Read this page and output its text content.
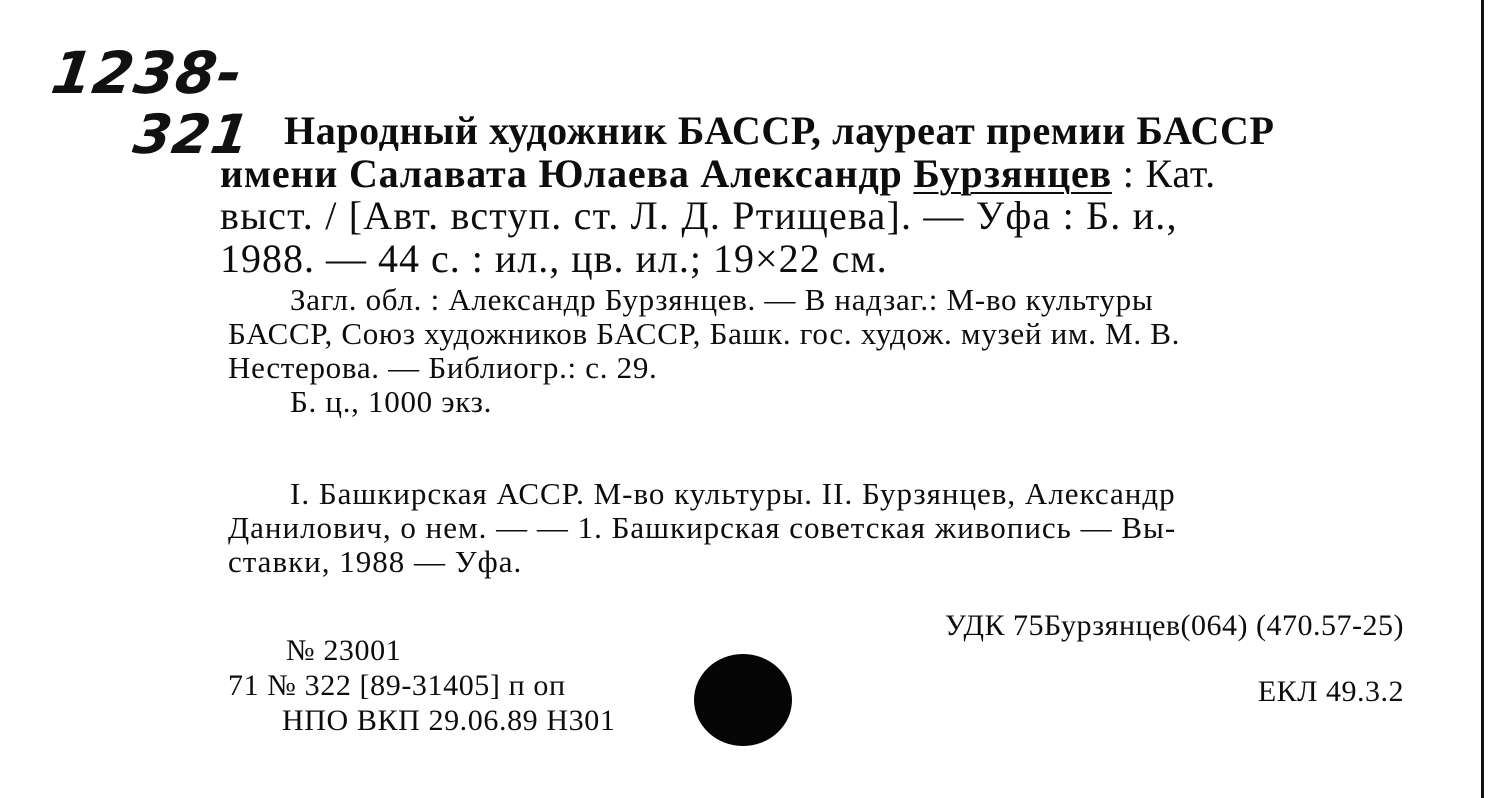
1238-
321 Народный художник БАССР, лауреат премии БАССР
имени Салавата Юлаева Александр Бурзянцев : Кат.
выст. / [Авт. вступ. ст. Л. Д. Ртищева]. — Уфа : Б. и.,
1988. — 44 с. : ил., цв. ил.; 19×22 см.
Загл. обл. : Александр Бурзянцев. — В надзаг.: М-во культуры
БАССР, Союз художников БАССР, Башк. гос. худож. музей им. М. В.
Нестерова. — Библиогр.: с. 29.
Б. ц., 1000 экз.
I. Башкирская АССР. М-во культуры. II. Бурзянцев, Александр
Данилович, о нем. — — 1. Башкирская советская живопись — Вы-
ставки, 1988 — Уфа.
УДК 75Бурзянцев(064) (470.57-25)
ЕКЛ 49.3.2
№ 23001
71 № 322 [89-31405] п оп
НПО ВКП 29.06.89 Н301
